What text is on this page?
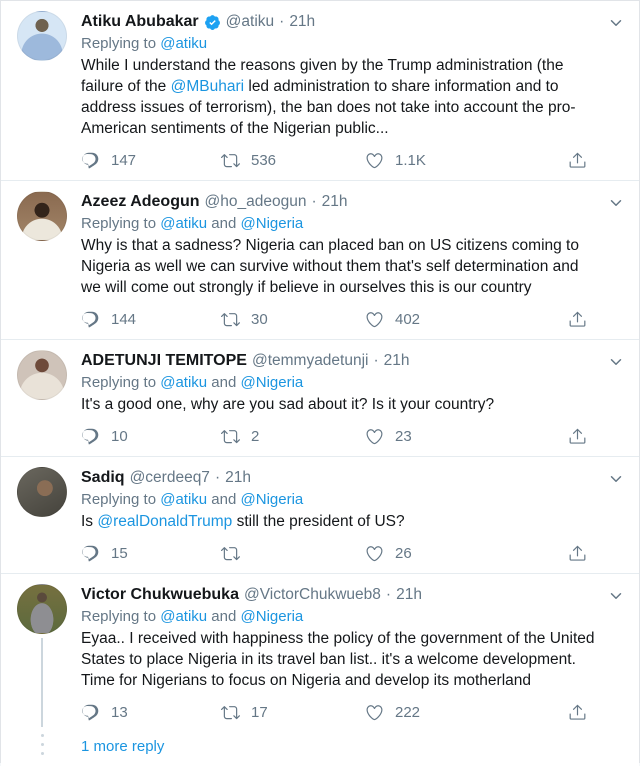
Atiku Abubakar @atiku · 21h
Replying to @atiku
While I understand the reasons given by the Trump administration (the failure of the @MBuhari led administration to share information and to address issues of terrorism), the ban does not take into account the pro-American sentiments of the Nigerian public...
147	536	1.1K
Azeez Adeogun @ho_adeogun · 21h
Replying to @atiku and @Nigeria
Why is that a sadness? Nigeria can placed ban on US citizens coming to Nigeria as well we can survive without them that's self determination and we will come out strongly if believe in ourselves this is our country
144	30	402
ADETUNJI TEMITOPE @temmyadetunji · 21h
Replying to @atiku and @Nigeria
It's a good one, why are you sad about it? Is it your country?
10	2	23
Sadiq @cerdeeq7 · 21h
Replying to @atiku and @Nigeria
Is @realDonaldTrump still the president of US?
15	26
Victor Chukwuebuka @VictorChukwueb8 · 21h
Replying to @atiku and @Nigeria
Eyaa.. I received with happiness the policy of the government of the United States to place Nigeria in its travel ban list.. it's a welcome development. Time for Nigerians to focus on Nigeria and develop its motherland
13	17	222
1 more reply
